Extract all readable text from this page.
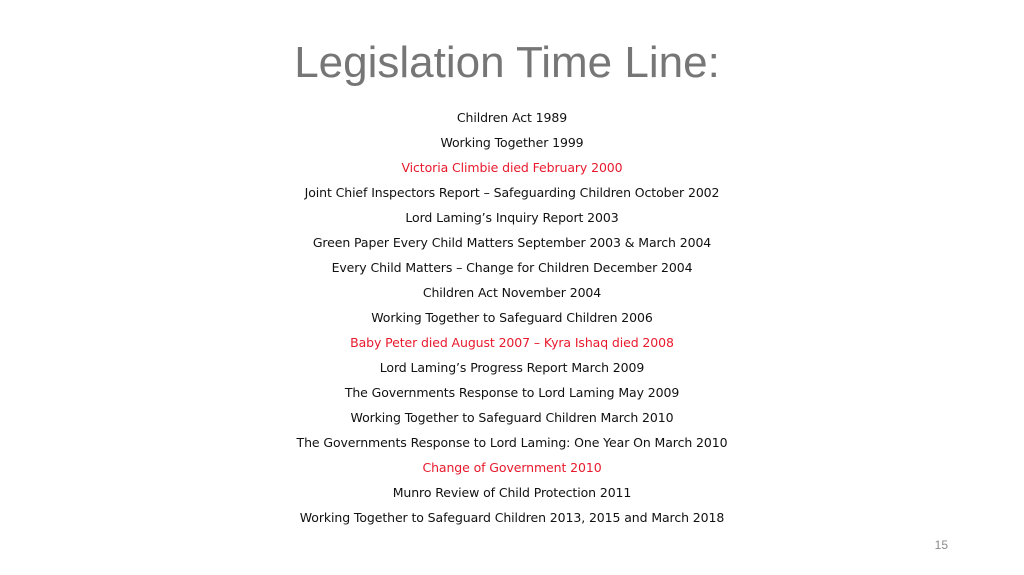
Legislation Time Line:
Children Act 1989
Working Together 1999
Victoria Climbie died February 2000
Joint Chief Inspectors Report – Safeguarding Children October 2002
Lord Laming’s Inquiry Report 2003
Green Paper Every Child Matters September 2003 & March 2004
Every Child Matters – Change for Children December 2004
Children Act November 2004
Working Together to Safeguard Children 2006
Baby Peter died August 2007 – Kyra Ishaq died 2008
Lord Laming’s Progress Report March 2009
The Governments Response to Lord Laming May 2009
Working Together to Safeguard Children March 2010
The Governments Response to Lord Laming: One Year On March 2010
Change of Government 2010
Munro Review of Child Protection 2011
Working Together to Safeguard Children 2013, 2015 and March 2018
15
